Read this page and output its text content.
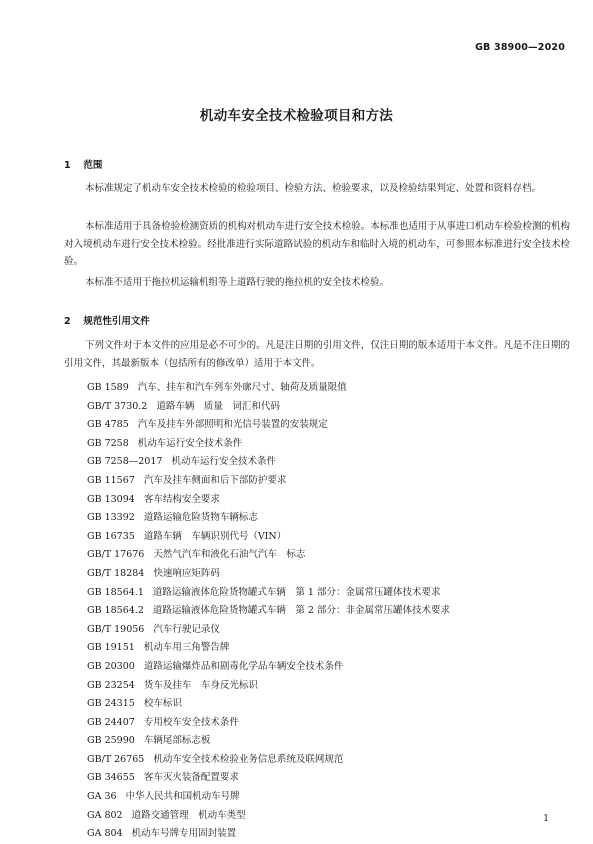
GB 38900—2020
机动车安全技术检验项目和方法
1 范围

本标准规定了机动车安全技术检验的检验项目、检验方法、检验要求，以及检验结果判定、处置和资料存档。

本标准适用于具备检验检测资质的机构对机动车进行安全技术检验。本标准也适用于从事进口机动车检验检测的机构对入境机动车进行安全技术检验。经批准进行实际道路试验的机动车和临时入境的机动车，可参照本标准进行安全技术检验。

本标准不适用于拖拉机运输机组等上道路行驶的拖拉机的安全技术检验。

2 规范性引用文件

下列文件对于本文件的应用是必不可少的。凡是注日期的引用文件，仅注日期的版本适用于本文件。凡是不注日期的引用文件，其最新版本（包括所有的修改单）适用于本文件。

GB 1589 汽车、挂车和汽车列车外廓尺寸、轴荷及质量限值
GB/T 3730.2 道路车辆　质量　词汇和代码
GB 4785 汽车及挂车外部照明和光信号装置的安装规定
GB 7258 机动车运行安全技术条件
GB 7258—2017 机动车运行安全技术条件
GB 11567 汽车及挂车侧面和后下部防护要求
GB 13094 客车结构安全要求
GB 13392 道路运输危险货物车辆标志
GB 16735 道路车辆　车辆识别代号（VIN）
GB/T 17676 天然气汽车和液化石油气汽车　标志
GB/T 18284 快速响应矩阵码
GB 18564.1 道路运输液体危险货物罐式车辆　第 1 部分：金属常压罐体技术要求
GB 18564.2 道路运输液体危险货物罐式车辆　第 2 部分：非金属常压罐体技术要求
GB/T 19056 汽车行驶记录仪
GB 19151 机动车用三角警告牌
GB 20300 道路运输爆炸品和剧毒化学品车辆安全技术条件
GB 23254 货车及挂车　车身反光标识
GB 24315 校车标识
GB 24407 专用校车安全技术条件
GB 25990 车辆尾部标志板
GB/T 26765 机动车安全技术检验业务信息系统及联网规范
GB 34655 客车灭火装备配置要求
GA 36 中华人民共和国机动车号牌
GA 802 道路交通管理　机动车类型
GA 804 机动车号牌专用固封装置
1
